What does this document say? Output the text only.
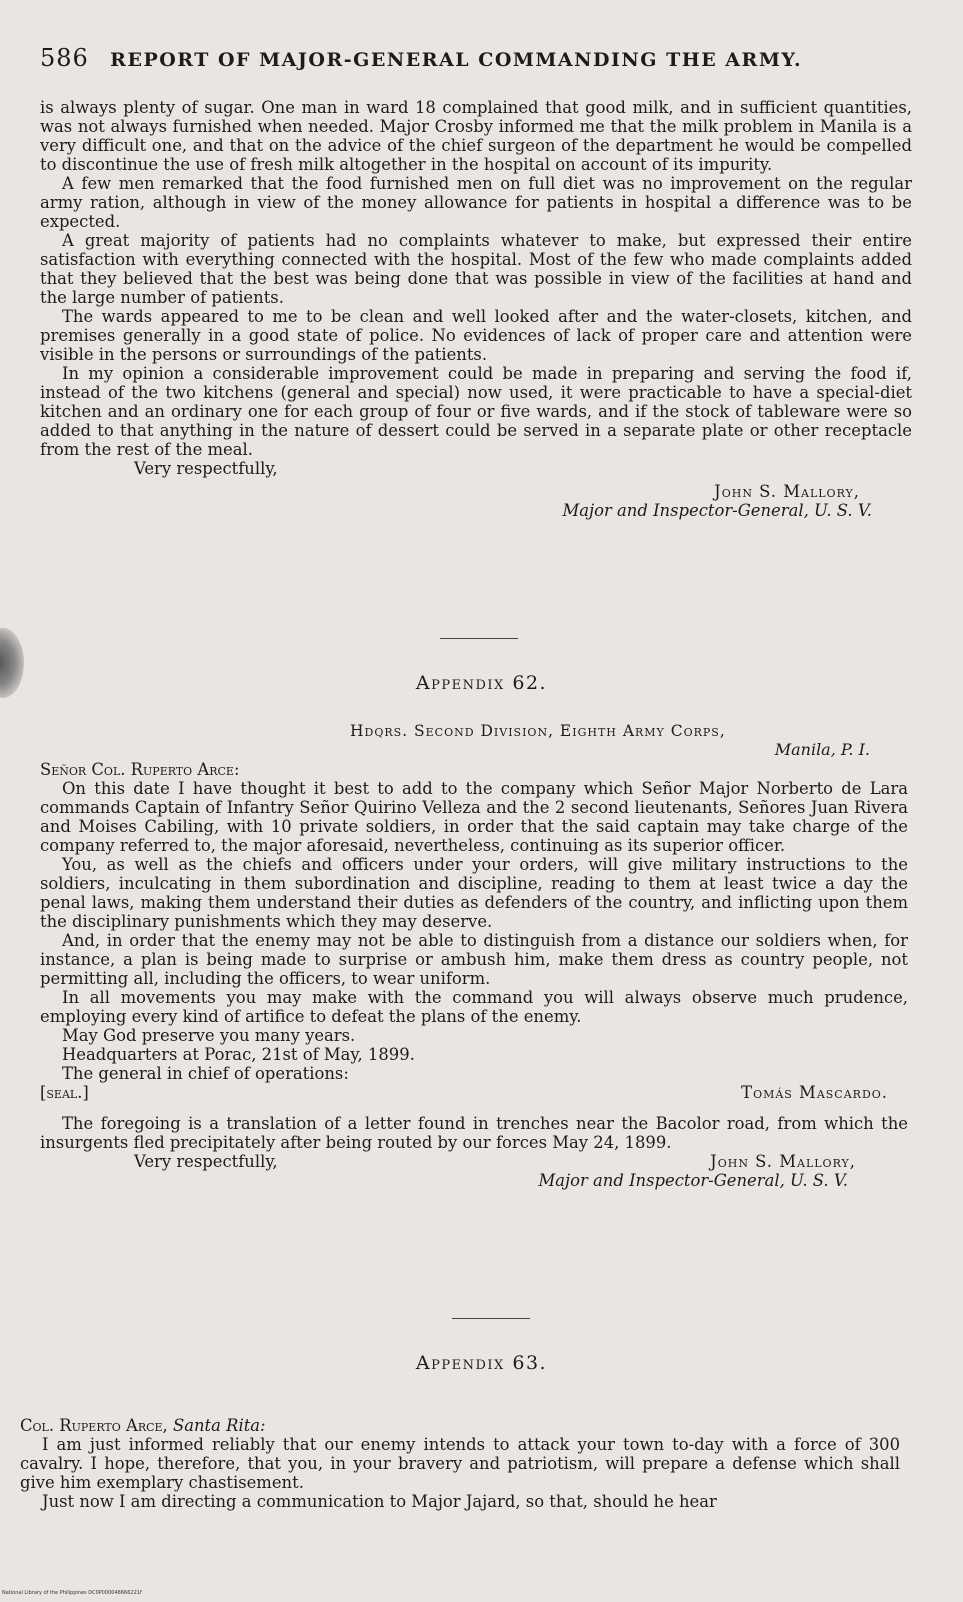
586 REPORT OF MAJOR-GENERAL COMMANDING THE ARMY.

is always plenty of sugar. One man in ward 18 complained that good milk, and in sufficient quantities, was not always furnished when needed. Major Crosby informed me that the milk problem in Manila is a very difficult one, and that on the advice of the chief surgeon of the department he would be compelled to discontinue the use of fresh milk altogether in the hospital on account of its impurity.

A few men remarked that the food furnished men on full diet was no improvement on the regular army ration, although in view of the money allowance for patients in hospital a difference was to be expected.

A great majority of patients had no complaints whatever to make, but expressed their entire satisfaction with everything connected with the hospital. Most of the few who made complaints added that they believed that the best was being done that was possible in view of the facilities at hand and the large number of patients.

The wards appeared to me to be clean and well looked after and the water-closets, kitchen, and premises generally in a good state of police. No evidences of lack of proper care and attention were visible in the persons or surroundings of the patients.

In my opinion a considerable improvement could be made in preparing and serving the food if, instead of the two kitchens (general and special) now used, it were practicable to have a special-diet kitchen and an ordinary one for each group of four or five wards, and if the stock of tableware were so added to that anything in the nature of dessert could be served in a separate plate or other receptacle from the rest of the meal.

Very respectfully,

John S. Mallory,

Major and Inspector-General, U. S. V.

Appendix 62.
Hdqrs. Second Division, Eighth Army Corps,
Manila, P. I.

Señor Col. Ruperto Arce:

On this date I have thought it best to add to the company which Señor Major Norberto de Lara commands Captain of Infantry Señor Quirino Velleza and the 2 second lieutenants, Señores Juan Rivera and Moises Cabiling, with 10 private soldiers, in order that the said captain may take charge of the company referred to, the major aforesaid, nevertheless, continuing as its superior officer.

You, as well as the chiefs and officers under your orders, will give military instructions to the soldiers, inculcating in them subordination and discipline, reading to them at least twice a day the penal laws, making them understand their duties as defenders of the country, and inflicting upon them the disciplinary punishments which they may deserve.

And, in order that the enemy may not be able to distinguish from a distance our soldiers when, for instance, a plan is being made to surprise or ambush him, make them dress as country people, not permitting all, including the officers, to wear uniform.

In all movements you may make with the command you will always observe much prudence, employing every kind of artifice to defeat the plans of the enemy.

May God preserve you many years.

Headquarters at Porac, 21st of May, 1899.

The general in chief of operations:

[seal.]	Tomás Mascardo.

The foregoing is a translation of a letter found in trenches near the Bacolor road, from which the insurgents fled precipitately after being routed by our forces May 24, 1899.

Very respectfully,	John S. Mallory,

Major and Inspector-General, U. S. V.

Appendix 63.

Col. Ruperto Arce, Santa Rita:

I am just informed reliably that our enemy intends to attack your town to-day with a force of 300 cavalry. I hope, therefore, that you, in your bravery and patriotism, will prepare a defense which shall give him exemplary chastisement.

Just now I am directing a communication to Major Jajard, so that, should he hear

National Library of the Philippines DC0P000048666221f
